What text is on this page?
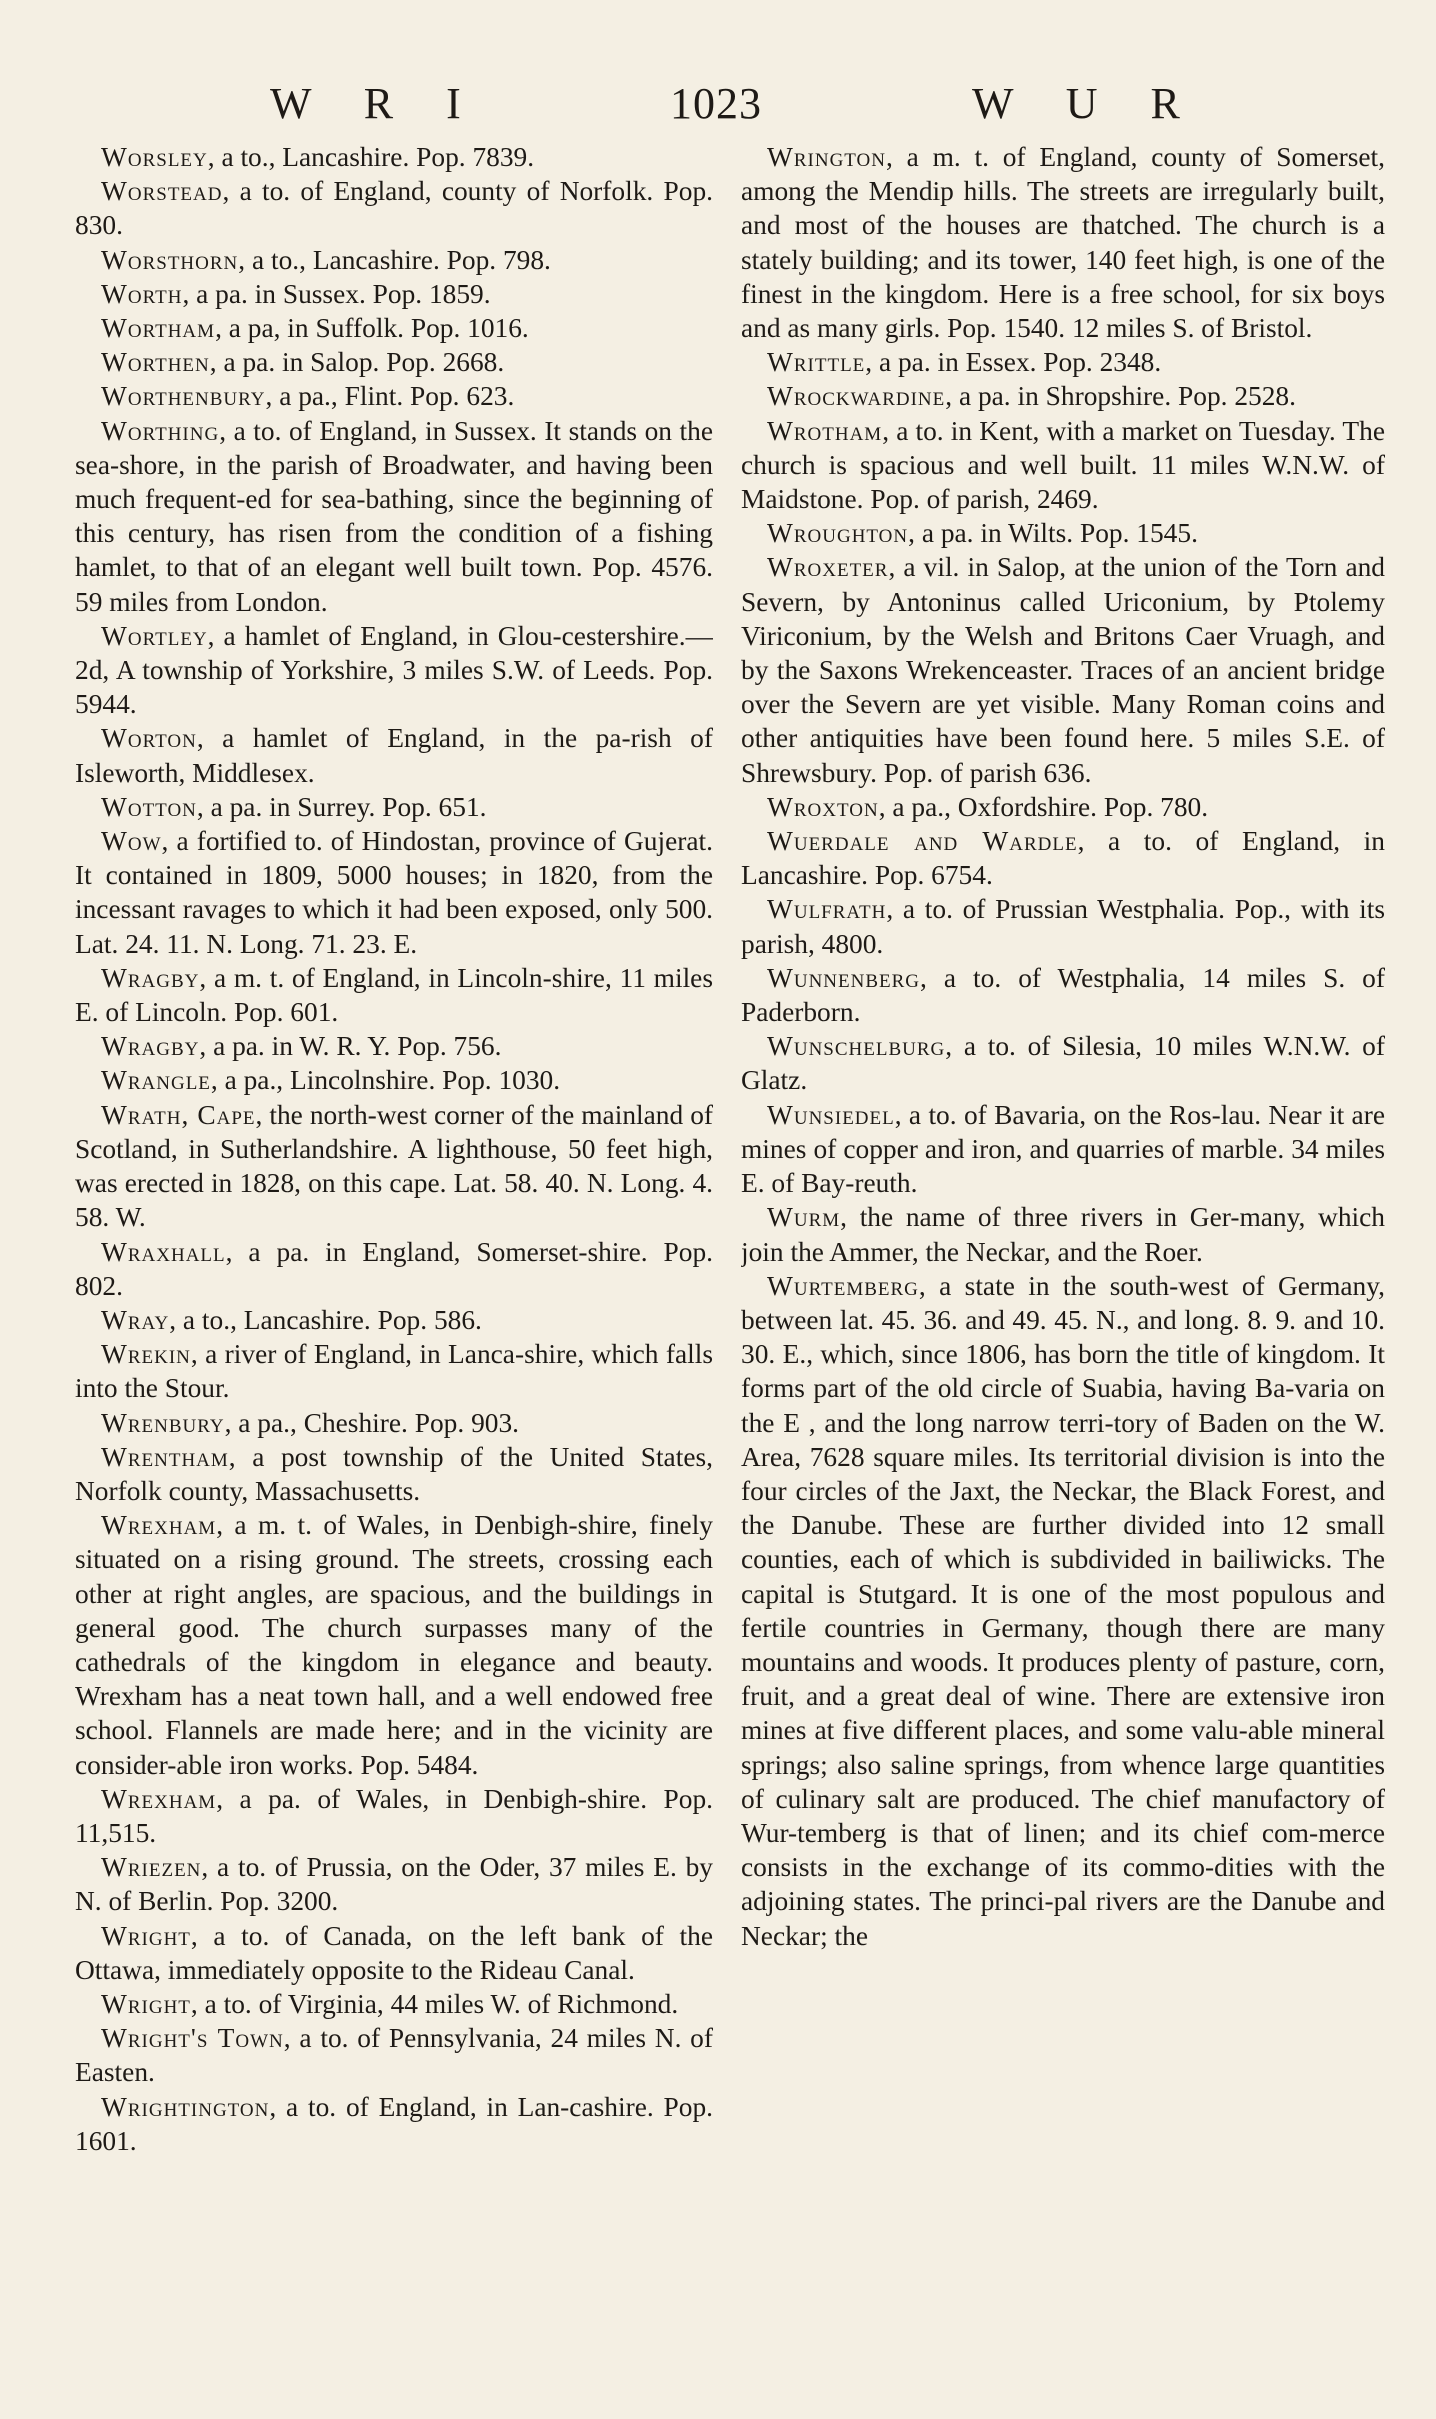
W R I	1023	W U R

Worsley, a to., Lancashire. Pop. 7839.

Worstead, a to. of England, county of Norfolk. Pop. 830.

Worsthorn, a to., Lancashire. Pop. 798.

Worth, a pa. in Sussex. Pop. 1859.

Wortham, a pa, in Suffolk. Pop. 1016.

Worthen, a pa. in Salop. Pop. 2668.

Worthenbury, a pa., Flint. Pop. 623.

Worthing, a to. of England, in Sussex. It stands on the sea-shore, in the parish of Broadwater, and having been much frequent-ed for sea-bathing, since the beginning of this century, has risen from the condition of a fishing hamlet, to that of an elegant well built town. Pop. 4576. 59 miles from London.

Wortley, a hamlet of England, in Glou-cestershire.—2d, A township of Yorkshire, 3 miles S.W. of Leeds. Pop. 5944.

Worton, a hamlet of England, in the pa-rish of Isleworth, Middlesex.

Wotton, a pa. in Surrey. Pop. 651.

Wow, a fortified to. of Hindostan, province of Gujerat. It contained in 1809, 5000 houses; in 1820, from the incessant ravages to which it had been exposed, only 500. Lat. 24. 11. N. Long. 71. 23. E.

Wragby, a m. t. of England, in Lincoln-shire, 11 miles E. of Lincoln. Pop. 601.

Wragby, a pa. in W. R. Y. Pop. 756.

Wrangle, a pa., Lincolnshire. Pop. 1030.

Wrath, Cape, the north-west corner of the mainland of Scotland, in Sutherlandshire. A lighthouse, 50 feet high, was erected in 1828, on this cape. Lat. 58. 40. N. Long. 4. 58. W.

Wraxhall, a pa. in England, Somerset-shire. Pop. 802.

Wray, a to., Lancashire. Pop. 586.

Wrekin, a river of England, in Lanca-shire, which falls into the Stour.

Wrenbury, a pa., Cheshire. Pop. 903.

Wrentham, a post township of the United States, Norfolk county, Massachusetts.

Wrexham, a m. t. of Wales, in Denbigh-shire, finely situated on a rising ground. The streets, crossing each other at right angles, are spacious, and the buildings in general good. The church surpasses many of the cathedrals of the kingdom in elegance and beauty. Wrexham has a neat town hall, and a well endowed free school. Flannels are made here; and in the vicinity are consider-able iron works. Pop. 5484.

Wrexham, a pa. of Wales, in Denbigh-shire. Pop. 11,515.

Wriezen, a to. of Prussia, on the Oder, 37 miles E. by N. of Berlin. Pop. 3200.

Wright, a to. of Canada, on the left bank of the Ottawa, immediately opposite to the Rideau Canal.

Wright, a to. of Virginia, 44 miles W. of Richmond.

Wright's Town, a to. of Pennsylvania, 24 miles N. of Easten.

Wrightington, a to. of England, in Lan-cashire. Pop. 1601.

Wrington, a m. t. of England, county of Somerset, among the Mendip hills. The streets are irregularly built, and most of the houses are thatched. The church is a stately building; and its tower, 140 feet high, is one of the finest in the kingdom. Here is a free school, for six boys and as many girls. Pop. 1540. 12 miles S. of Bristol.

Writtle, a pa. in Essex. Pop. 2348.

Wrockwardine, a pa. in Shropshire. Pop. 2528.

Wrotham, a to. in Kent, with a market on Tuesday. The church is spacious and well built. 11 miles W.N.W. of Maidstone. Pop. of parish, 2469.

Wroughton, a pa. in Wilts. Pop. 1545.

Wroxeter, a vil. in Salop, at the union of the Torn and Severn, by Antoninus called Uriconium, by Ptolemy Viriconium, by the Welsh and Britons Caer Vruagh, and by the Saxons Wrekenceaster. Traces of an ancient bridge over the Severn are yet visible. Many Roman coins and other antiquities have been found here. 5 miles S.E. of Shrewsbury. Pop. of parish 636.

Wroxton, a pa., Oxfordshire. Pop. 780.

Wuerdale and Wardle, a to. of England, in Lancashire. Pop. 6754.

Wulfrath, a to. of Prussian Westphalia. Pop., with its parish, 4800.

Wunnenberg, a to. of Westphalia, 14 miles S. of Paderborn.

Wunschelburg, a to. of Silesia, 10 miles W.N.W. of Glatz.

Wunsiedel, a to. of Bavaria, on the Ros-lau. Near it are mines of copper and iron, and quarries of marble. 34 miles E. of Bay-reuth.

Wurm, the name of three rivers in Ger-many, which join the Ammer, the Neckar, and the Roer.

Wurtemberg, a state in the south-west of Germany, between lat. 45. 36. and 49. 45. N., and long. 8. 9. and 10. 30. E., which, since 1806, has born the title of kingdom. It forms part of the old circle of Suabia, having Ba-varia on the E , and the long narrow terri-tory of Baden on the W. Area, 7628 square miles. Its territorial division is into the four circles of the Jaxt, the Neckar, the Black Forest, and the Danube. These are further divided into 12 small counties, each of which is subdivided in bailiwicks. The capital is Stutgard. It is one of the most populous and fertile countries in Germany, though there are many mountains and woods. It produces plenty of pasture, corn, fruit, and a great deal of wine. There are extensive iron mines at five different places, and some valu-able mineral springs; also saline springs, from whence large quantities of culinary salt are produced. The chief manufactory of Wur-temberg is that of linen; and its chief com-merce consists in the exchange of its commo-dities with the adjoining states. The princi-pal rivers are the Danube and Neckar; the
